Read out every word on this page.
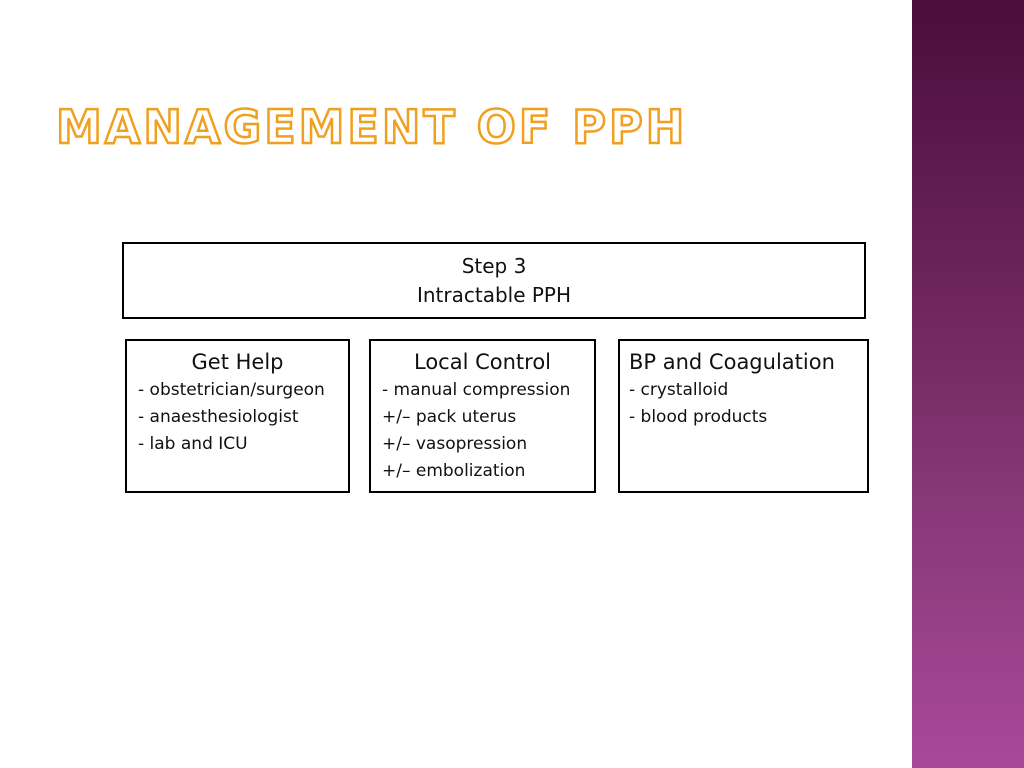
MANAGEMENT OF PPH
Step 3
Intractable PPH
Get Help
- obstetrician/surgeon
- anaesthesiologist
- lab and ICU
Local Control
- manual compression
+/– pack uterus
+/– vasopression
+/– embolization
BP and Coagulation
- crystalloid
- blood products
